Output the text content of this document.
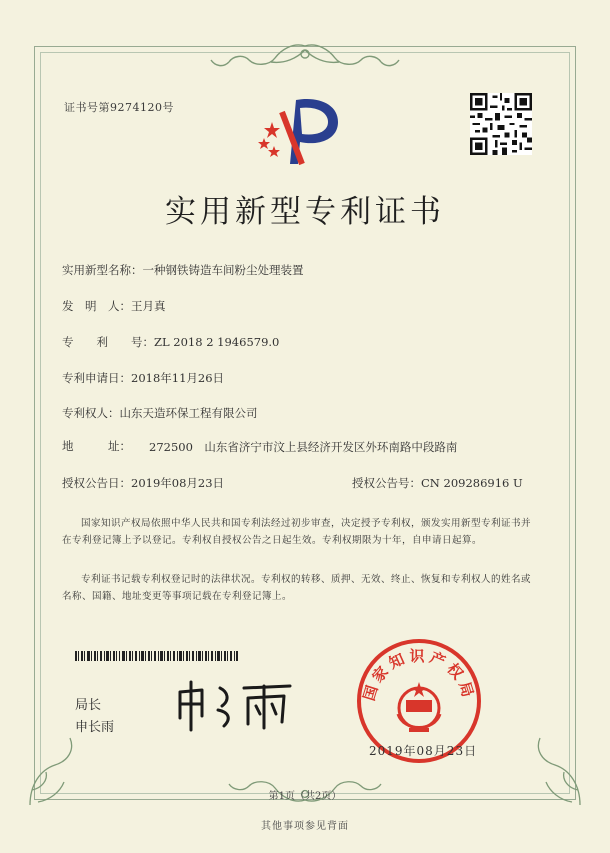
证书号第9274120号
实用新型专利证书
实用新型名称：一种钢铁铸造车间粉尘处理装置
发　明　人：王月真
专　　利　　号：ZL 2018 2 1946579.0
专利申请日：2018年11月26日
专利权人：山东天造环保工程有限公司
地　　　址： 272500　山东省济宁市汶上县经济开发区外环南路中段路南
授权公告日：2019年08月23日	授权公告号：CN 209286916 U
国家知识产权局依照中华人民共和国专利法经过初步审查，决定授予专利权，颁发实用新型专利证书并在专利登记簿上予以登记。专利权自授权公告之日起生效。专利权期限为十年，自申请日起算。
专利证书记载专利权登记时的法律状况。专利权的转移、质押、无效、终止、恢复和专利权人的姓名或名称、国籍、地址变更等事项记载在专利登记簿上。
局长
申长雨
国家知识产权局
2019年08月23日
第1页（共2页）
其他事项参见背面
